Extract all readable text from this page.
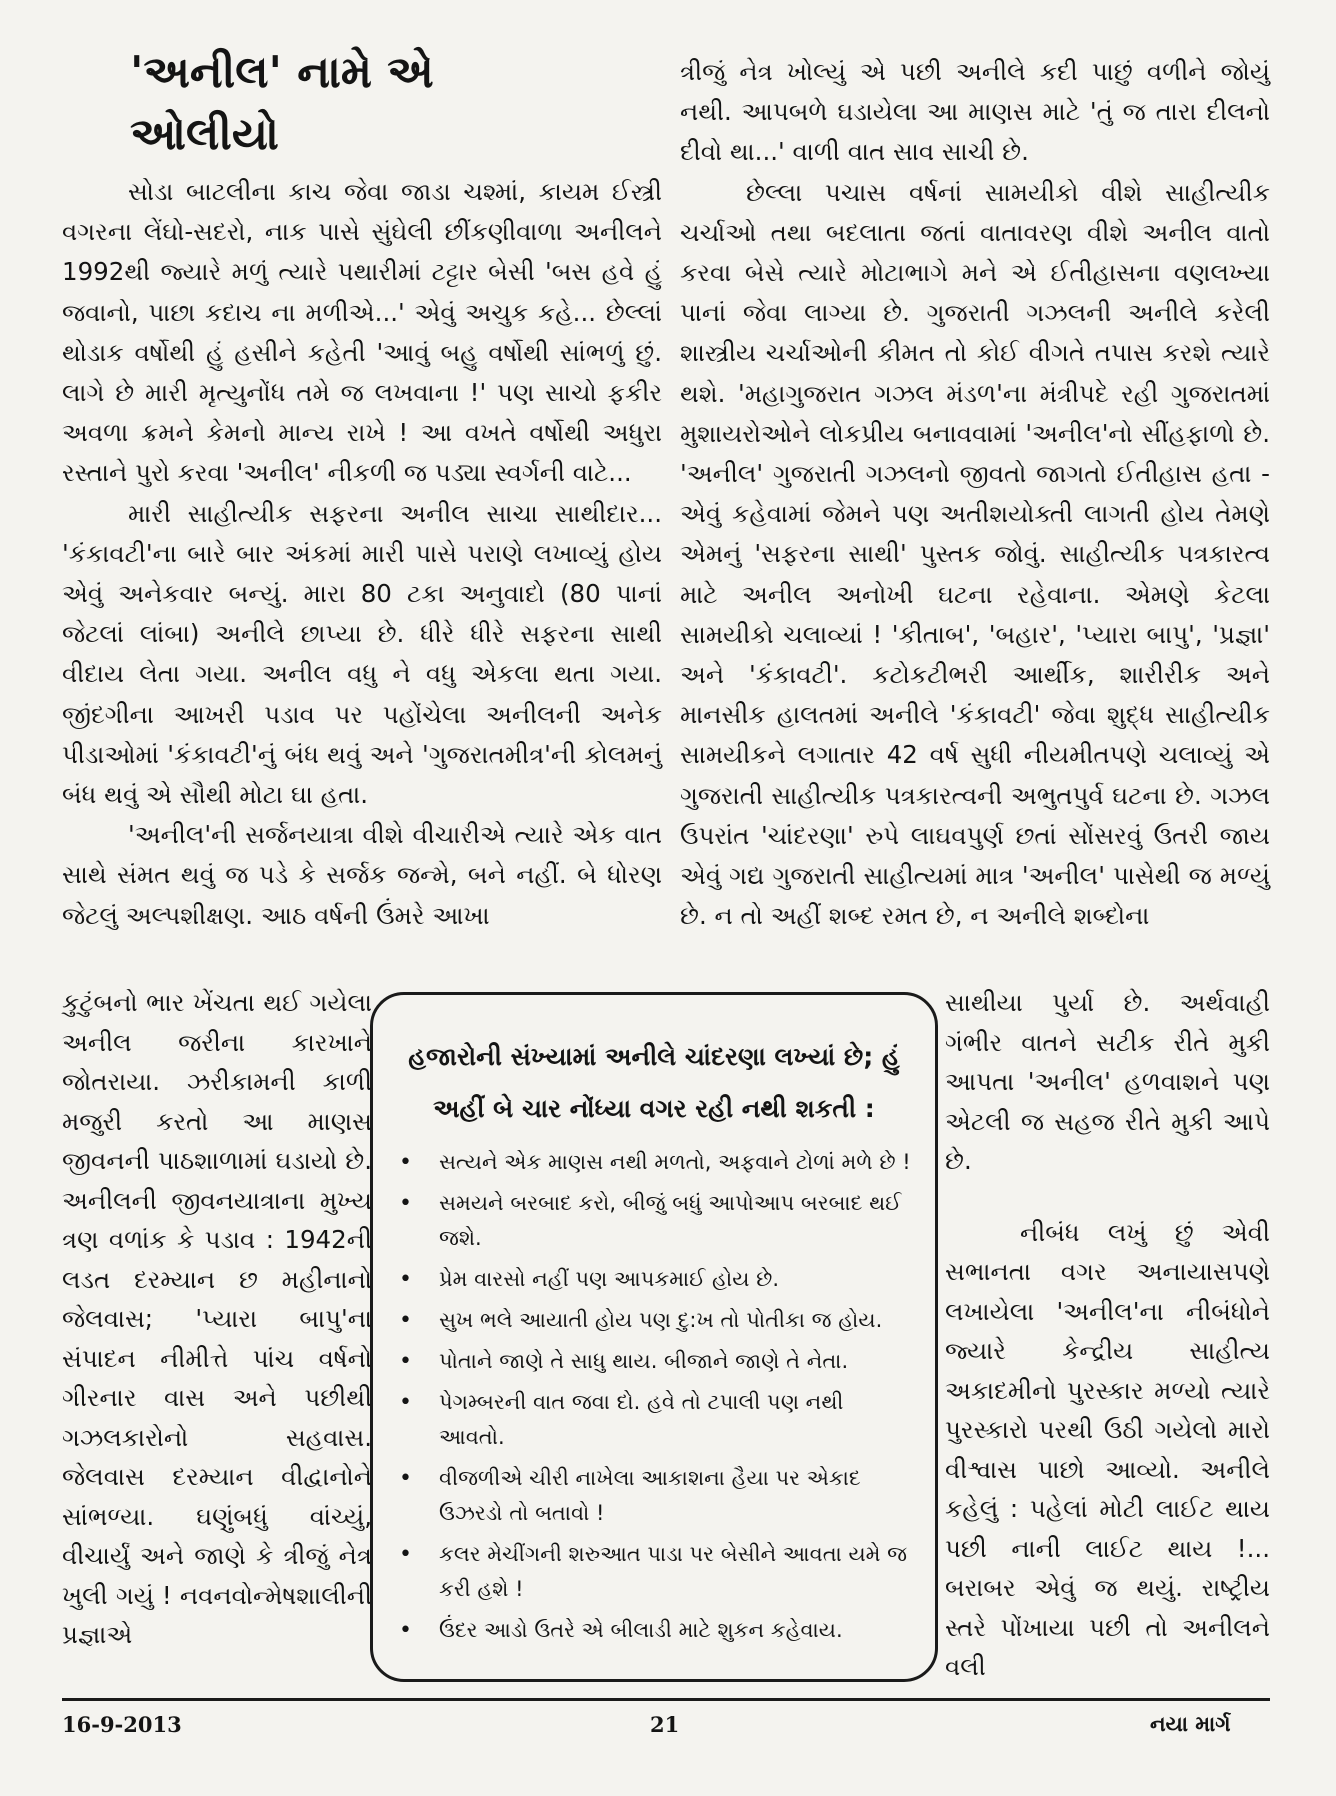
'અનીલ' નામે એ
ઓલીયો

સોડા બાટલીના કાચ જેવા જાડા ચશ્માં, કાયમ ઈસ્ત્રી વગરના લેંઘો-સદરો, નાક પાસે સુંઘેલી છીંકણીવાળા અનીલને 1992થી જ્યારે મળું ત્યારે પથારીમાં ટટ્ટાર બેસી 'બસ હવે હું જવાનો, પાછા કદાચ ના મળીએ...' એવું અચુક કહે... છેલ્લાં થોડાક વર્ષોથી હું હસીને કહેતી 'આવું બહુ વર્ષોથી સાંભળું છું. લાગે છે મારી મૃત્યુનોંધ તમે જ લખવાના !' પણ સાચો ફકીર અવળા ક્રમને કેમનો માન્ય રાખે ! આ વખતે વર્ષોથી અધુરા રસ્તાને પુરો કરવા 'અનીલ' નીકળી જ પડ્યા સ્વર્ગની વાટે...

મારી સાહીત્યીક સફરના અનીલ સાચા સાથીદાર... 'કંકાવટી'ના બારે બાર અંકમાં મારી પાસે પરાણે લખાવ્યું હોય એવું અનેકવાર બન્યું. મારા 80 ટકા અનુવાદો (80 પાનાં જેટલાં લાંબા) અનીલે છાપ્યા છે. ધીરે ધીરે સફરના સાથી વીદાય લેતા ગયા. અનીલ વધુ ને વધુ એકલા થતા ગયા. જીંદગીના આખરી પડાવ પર પહોંચેલા અનીલની અનેક પીડાઓમાં 'કંકાવટી'નું બંધ થવું અને 'ગુજરાતમીત્ર'ની કોલમનું બંધ થવું એ સૌથી મોટા ઘા હતા.

'અનીલ'ની સર્જનયાત્રા વીશે વીચારીએ ત્યારે એક વાત સાથે સંમત થવું જ પડે કે સર્જક જન્મે, બને નહીં. બે ધોરણ જેટલું અલ્પશીક્ષણ. આઠ વર્ષની ઉંમરે આખા

કુટુંબનો ભાર ખેંચતા થઈ ગયેલા અનીલ જરીના કારખાને જોતરાયા. ઝરીકામની કાળી મજુરી કરતો આ માણસ જીવનની પાઠશાળામાં ઘડાયો છે. અનીલની જીવનયાત્રાના મુખ્ય ત્રણ વળાંક કે પડાવ : 1942ની લડત દરમ્યાન છ મહીનાનો જેલવાસ; 'પ્યારા બાપુ'ના સંપાદન નીમીત્તે પાંચ વર્ષનો ગીરનાર વાસ અને પછીથી ગઝલકારોનો સહવાસ. જેલવાસ દરમ્યાન વીદ્વાનોને સાંભળ્યા. ઘણુંબધું વાંચ્યું, વીચાર્યું અને જાણે કે ત્રીજું નેત્ર ખુલી ગયું ! નવનવોન્મેષશાલીની પ્રજ્ઞાએ

ત્રીજું નેત્ર ખોલ્યું એ પછી અનીલે કદી પાછું વળીને જોયું નથી. આપબળે ઘડાયેલા આ માણસ માટે 'તું જ તારા દીલનો દીવો થા...' વાળી વાત સાવ સાચી છે.

છેલ્લા પચાસ વર્ષનાં સામયીકો વીશે સાહીત્યીક ચર્ચાઓ તથા બદલાતા જતાં વાતાવરણ વીશે અનીલ વાતો કરવા બેસે ત્યારે મોટાભાગે મને એ ઈતીહાસના વણલખ્યા પાનાં જેવા લાગ્યા છે. ગુજરાતી ગઝલની અનીલે કરેલી શાસ્ત્રીય ચર્ચાઓની કીમત તો કોઈ વીગતે તપાસ કરશે ત્યારે થશે. 'મહાગુજરાત ગઝલ મંડળ'ના મંત્રીપદે રહી ગુજરાતમાં મુશાયરોઓને લોકપ્રીય બનાવવામાં 'અનીલ'નો સીંહફાળો છે. 'અનીલ' ગુજરાતી ગઝલનો જીવતો જાગતો ઈતીહાસ હતા - એવું કહેવામાં જેમને પણ અતીશયોક્તી લાગતી હોય તેમણે એમનું 'સફરના સાથી' પુસ્તક જોવું. સાહીત્યીક પત્રકારત્વ માટે અનીલ અનોખી ઘટના રહેવાના. એમણે કેટલા સામયીકો ચલાવ્યાં ! 'કીતાબ', 'બહાર', 'પ્યારા બાપુ', 'પ્રજ્ઞા' અને 'કંકાવટી'. કટોકટીભરી આર્થીક, શારીરીક અને માનસીક હાલતમાં અનીલે 'કંકાવટી' જેવા શુદ્ધ સાહીત્યીક સામયીકને લગાતાર 42 વર્ષ સુધી નીયમીતપણે ચલાવ્યું એ ગુજરાતી સાહીત્યીક પત્રકારત્વની અભુતપુર્વ ઘટના છે. ગઝલ ઉપરાંત 'ચાંદરણા' રુપે લાઘવપુર્ણ છતાં સોંસરવું ઉતરી જાય એવું ગદ્ય ગુજરાતી સાહીત્યમાં માત્ર 'અનીલ' પાસેથી જ મળ્યું છે. ન તો અહીં શબ્દ રમત છે, ન અનીલે શબ્દોના

સાથીયા પુર્યા છે. અર્થવાહી ગંભીર વાતને સટીક રીતે મુકી આપતા 'અનીલ' હળવાશને પણ એટલી જ સહજ રીતે મુકી આપે છે.

નીબંધ લખું છું એવી સભાનતા વગર અનાયાસપણે લખાયેલા 'અનીલ'ના નીબંધોને જ્યારે કેન્દ્રીય સાહીત્ય અકાદમીનો પુરસ્કાર મળ્યો ત્યારે પુરસ્કારો પરથી ઉઠી ગયેલો મારો વીશ્વાસ પાછો આવ્યો. અનીલે કહેલું : પહેલાં મોટી લાઈટ થાય પછી નાની લાઈટ થાય !... બરાબર એવું જ થયું. રાષ્ટ્રીય સ્તરે પોંખાયા પછી તો અનીલને વલી

હજારોની સંખ્યામાં અનીલે ચાંદરણા લખ્યાં છે; હું અહીં બે ચાર નોંધ્યા વગર રહી નથી શકતી :
• સત્યને એક માણસ નથી મળતો, અફવાને ટોળાં મળે છે !
• સમયને બરબાદ કરો, બીજું બધું આપોઆપ બરબાદ થઈ જશે.
• પ્રેમ વારસો નહીં પણ આપકમાઈ હોય છે.
• સુખ ભલે આયાતી હોય પણ દુ:ખ તો પોતીકા જ હોય.
• પોતાને જાણે તે સાધુ થાય. બીજાને જાણે તે નેતા.
• પેગમ્બરની વાત જવા દો. હવે તો ટપાલી પણ નથી આવતો.
• વીજળીએ ચીરી નાખેલા આકાશના હૈયા પર એકાદ ઉઝરડો તો બતાવો !
• કલર મેચીંગની શરુઆત પાડા પર બેસીને આવતા યમે જ કરી હશે !
• ઉંદર આડો ઉતરે એ બીલાડી માટે શુકન કહેવાય.
16-9-2013	21	નયા માર્ગ
